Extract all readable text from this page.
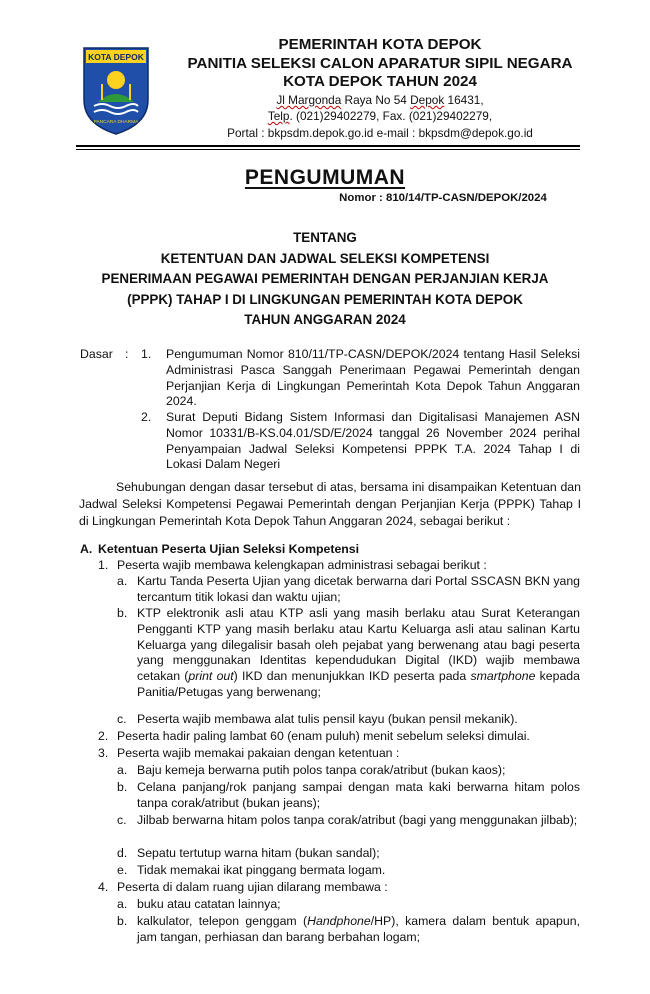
KOTA DEPOK
PANCARA DHARMA
PEMERINTAH KOTA DEPOK
PANITIA SELEKSI CALON APARATUR SIPIL NEGARA
KOTA DEPOK TAHUN 2024
Jl Margonda Raya No 54 Depok 16431,
Telp. (021)29402279, Fax. (021)29402279,
Portal : bkpsdm.depok.go.id e-mail : bkpsdm@depok.go.id
PENGUMUMAN
Nomor : 810/14/TP-CASN/DEPOK/2024
TENTANG
KETENTUAN DAN JADWAL SELEKSI KOMPETENSI
PENERIMAAN PEGAWAI PEMERINTAH DENGAN PERJANJIAN KERJA
(PPPK) TAHAP I DI LINGKUNGAN PEMERINTAH KOTA DEPOK
TAHUN ANGGARAN 2024
Dasar : 1. Pengumuman Nomor 810/11/TP-CASN/DEPOK/2024 tentang Hasil Seleksi Administrasi Pasca Sanggah Penerimaan Pegawai Pemerintah dengan Perjanjian Kerja di Lingkungan Pemerintah Kota Depok Tahun Anggaran 2024.
2. Surat Deputi Bidang Sistem Informasi dan Digitalisasi Manajemen ASN Nomor 10331/B-KS.04.01/SD/E/2024 tanggal 26 November 2024 perihal Penyampaian Jadwal Seleksi Kompetensi PPPK T.A. 2024 Tahap I di Lokasi Dalam Negeri
Sehubungan dengan dasar tersebut di atas, bersama ini disampaikan Ketentuan dan Jadwal Seleksi Kompetensi Pegawai Pemerintah dengan Perjanjian Kerja (PPPK) Tahap I di Lingkungan Pemerintah Kota Depok Tahun Anggaran 2024, sebagai berikut :
A. Ketentuan Peserta Ujian Seleksi Kompetensi
1. Peserta wajib membawa kelengkapan administrasi sebagai berikut :
a. Kartu Tanda Peserta Ujian yang dicetak berwarna dari Portal SSCASN BKN yang tercantum titik lokasi dan waktu ujian;
b. KTP elektronik asli atau KTP asli yang masih berlaku atau Surat Keterangan Pengganti KTP yang masih berlaku atau Kartu Keluarga asli atau salinan Kartu Keluarga yang dilegalisir basah oleh pejabat yang berwenang atau bagi peserta yang menggunakan Identitas kependudukan Digital (IKD) wajib membawa cetakan (print out) IKD dan menunjukkan IKD peserta pada smartphone kepada Panitia/Petugas yang berwenang;
c. Peserta wajib membawa alat tulis pensil kayu (bukan pensil mekanik).
2. Peserta hadir paling lambat 60 (enam puluh) menit sebelum seleksi dimulai.
3. Peserta wajib memakai pakaian dengan ketentuan :
a. Baju kemeja berwarna putih polos tanpa corak/atribut (bukan kaos);
b. Celana panjang/rok panjang sampai dengan mata kaki berwarna hitam polos tanpa corak/atribut (bukan jeans);
c. Jilbab berwarna hitam polos tanpa corak/atribut (bagi yang menggunakan jilbab);
d. Sepatu tertutup warna hitam (bukan sandal);
e. Tidak memakai ikat pinggang bermata logam.
4. Peserta di dalam ruang ujian dilarang membawa :
a. buku atau catatan lainnya;
b. kalkulator, telepon genggam (Handphone/HP), kamera dalam bentuk apapun, jam tangan, perhiasan dan barang berbahan logam;
